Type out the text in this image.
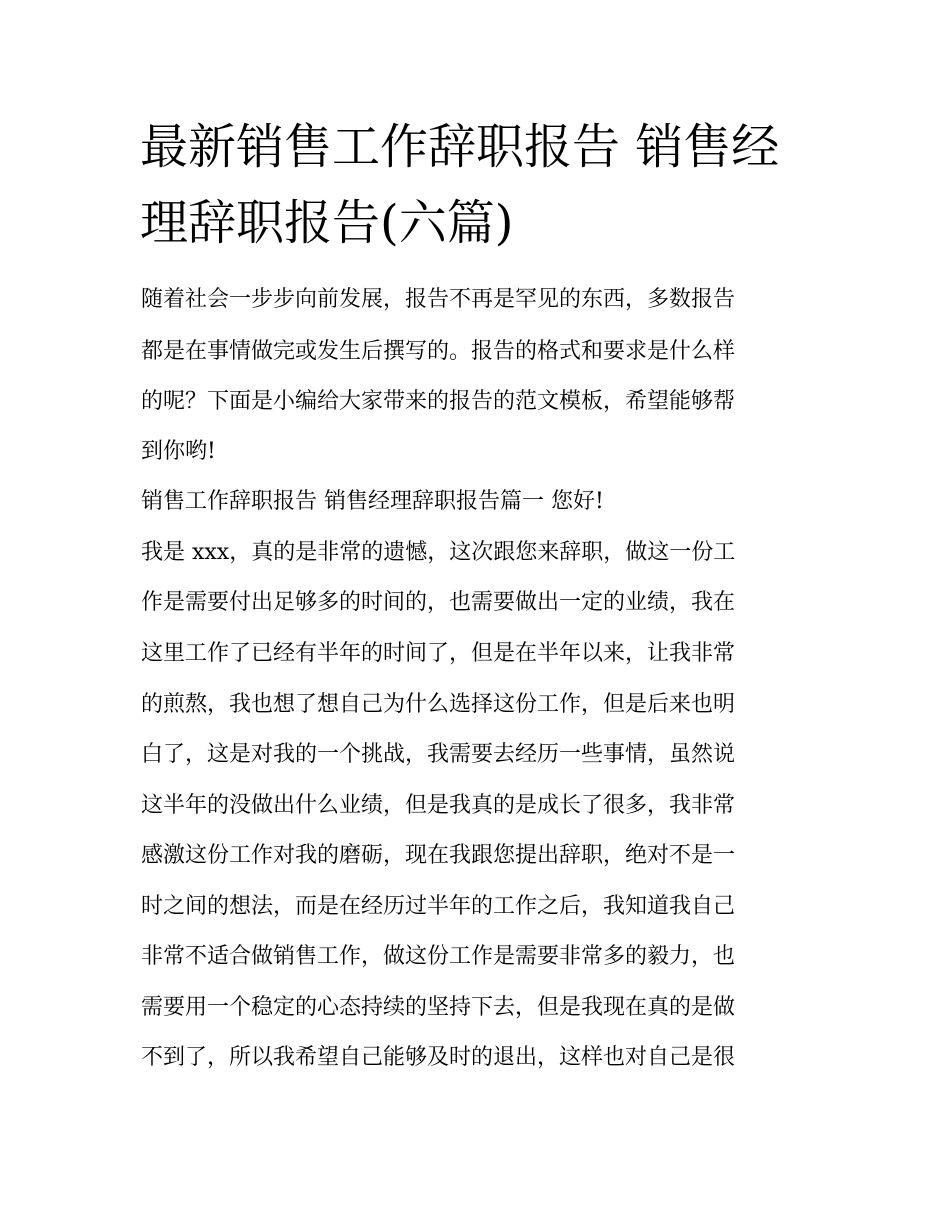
最新销售工作辞职报告 销售经
理辞职报告(六篇)
随着社会一步步向前发展，报告不再是罕见的东西，多数报告
都是在事情做完或发生后撰写的。报告的格式和要求是什么样
的呢？下面是小编给大家带来的报告的范文模板，希望能够帮
到你哟!
销售工作辞职报告 销售经理辞职报告篇一 您好!
我是 xxx，真的是非常的遗憾，这次跟您来辞职，做这一份工
作是需要付出足够多的时间的，也需要做出一定的业绩，我在
这里工作了已经有半年的时间了，但是在半年以来，让我非常
的煎熬，我也想了想自己为什么选择这份工作，但是后来也明
白了，这是对我的一个挑战，我需要去经历一些事情，虽然说
这半年的没做出什么业绩，但是我真的是成长了很多，我非常
感激这份工作对我的磨砺，现在我跟您提出辞职，绝对不是一
时之间的想法，而是在经历过半年的工作之后，我知道我自己
非常不适合做销售工作，做这份工作是需要非常多的毅力，也
需要用一个稳定的心态持续的坚持下去，但是我现在真的是做
不到了，所以我希望自己能够及时的退出，这样也对自己是很
